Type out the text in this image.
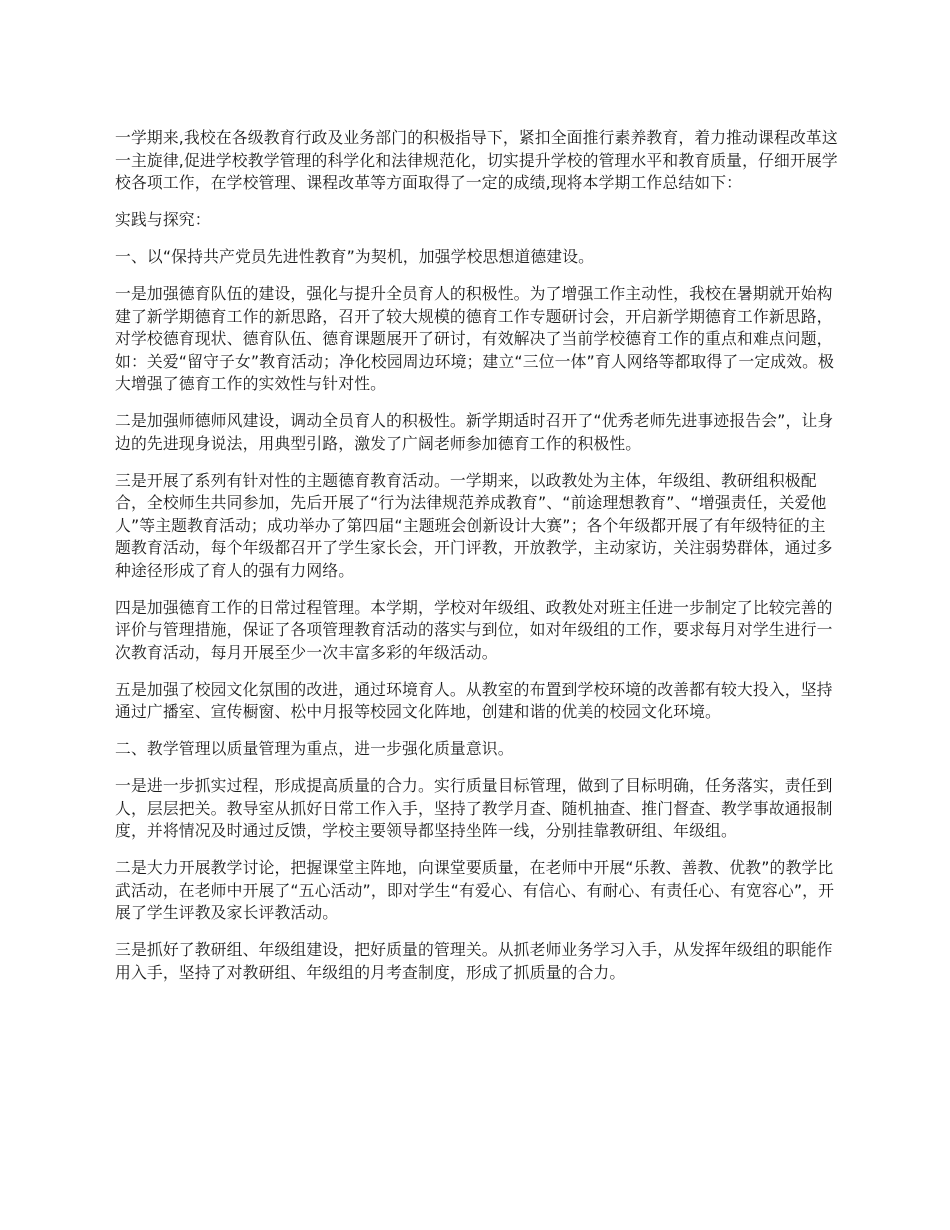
一学期来,我校在各级教育行政及业务部门的积极指导下，紧扣全面推行素养教育，着力推动课程改革这一主旋律,促进学校教学管理的科学化和法律规范化，切实提升学校的管理水平和教育质量，仔细开展学校各项工作，在学校管理、课程改革等方面取得了一定的成绩,现将本学期工作总结如下：

实践与探究：

一、以“保持共产党员先进性教育”为契机，加强学校思想道德建设。

一是加强德育队伍的建设，强化与提升全员育人的积极性。为了增强工作主动性，我校在暑期就开始构建了新学期德育工作的新思路，召开了较大规模的德育工作专题研讨会，开启新学期德育工作新思路，对学校德育现状、德育队伍、德育课题展开了研讨，有效解决了当前学校德育工作的重点和难点问题，如：关爱“留守子女”教育活动；净化校园周边环境；建立“三位一体”育人网络等都取得了一定成效。极大增强了德育工作的实效性与针对性。

二是加强师德师风建设，调动全员育人的积极性。新学期适时召开了“优秀老师先进事迹报告会”，让身边的先进现身说法，用典型引路，激发了广阔老师参加德育工作的积极性。

三是开展了系列有针对性的主题德育教育活动。一学期来，以政教处为主体，年级组、教研组积极配合，全校师生共同参加，先后开展了“行为法律规范养成教育”、“前途理想教育”、“增强责任，关爱他人”等主题教育活动；成功举办了第四届“主题班会创新设计大赛”；各个年级都开展了有年级特征的主题教育活动，每个年级都召开了学生家长会，开门评教，开放教学，主动家访，关注弱势群体，通过多种途径形成了育人的强有力网络。

四是加强德育工作的日常过程管理。本学期，学校对年级组、政教处对班主任进一步制定了比较完善的评价与管理措施，保证了各项管理教育活动的落实与到位，如对年级组的工作，要求每月对学生进行一次教育活动，每月开展至少一次丰富多彩的年级活动。

五是加强了校园文化氛围的改进，通过环境育人。从教室的布置到学校环境的改善都有较大投入，坚持通过广播室、宣传橱窗、松中月报等校园文化阵地，创建和谐的优美的校园文化环境。

二、教学管理以质量管理为重点，进一步强化质量意识。

一是进一步抓实过程，形成提高质量的合力。实行质量目标管理，做到了目标明确，任务落实，责任到人，层层把关。教导室从抓好日常工作入手，坚持了教学月查、随机抽查、推门督查、教学事故通报制度，并将情况及时通过反馈，学校主要领导都坚持坐阵一线，分别挂靠教研组、年级组。

二是大力开展教学讨论，把握课堂主阵地，向课堂要质量，在老师中开展“乐教、善教、优教”的教学比武活动，在老师中开展了“五心活动”，即对学生“有爱心、有信心、有耐心、有责任心、有宽容心”，开展了学生评教及家长评教活动。

三是抓好了教研组、年级组建设，把好质量的管理关。从抓老师业务学习入手，从发挥年级组的职能作用入手，坚持了对教研组、年级组的月考查制度，形成了抓质量的合力。
